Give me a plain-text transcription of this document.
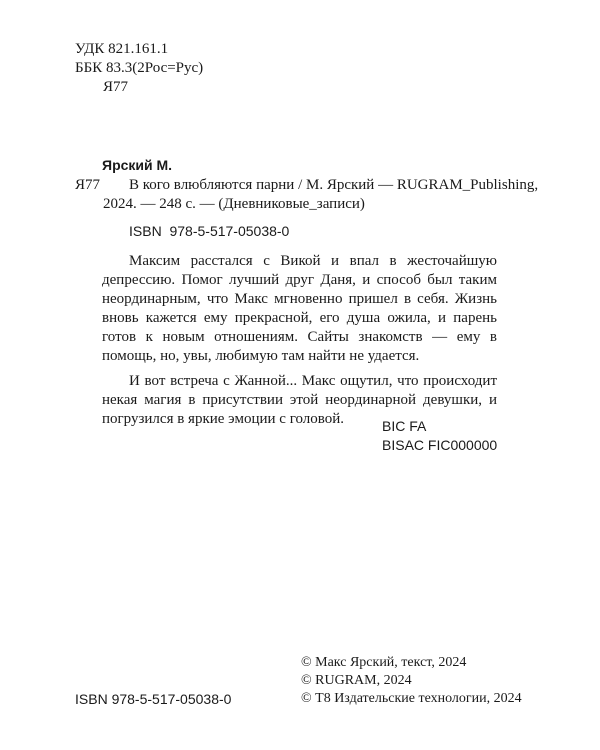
УДК 821.161.1
ББК 83.3(2Рос=Рус)
Я77
Ярский М.
Я77 В кого влюбляются парни / М. Ярский — RUGRAM_Publishing,
2024. — 248 с. — (Дневниковые_записи)
ISBN 978-5-517-05038-0

Максим расстался с Викой и впал в жесточайшую депрессию. Помог лучший друг Даня, и способ был таким неординарным, что Макс мгновенно пришел в себя. Жизнь вновь кажется ему прекрасной, его душа ожила, и парень готов к новым отношениям. Сайты знакомств — ему в помощь, но, увы, любимую там найти не удается.

И вот встреча с Жанной... Макс ощутил, что происходит некая магия в присутствии этой неординарной девушки, и погрузился в яркие эмоции с головой.	BIC FA
BISAC FIC000000
© Макс Ярский, текст, 2024
© RUGRAM, 2024
© Т8 Издательские технологии, 2024
ISBN 978-5-517-05038-0
